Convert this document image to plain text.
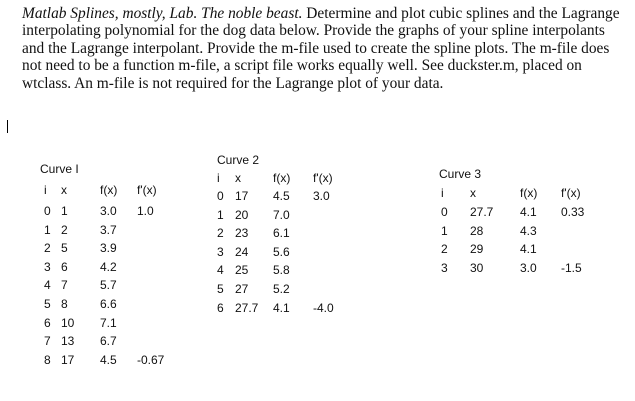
Matlab Splines, mostly, Lab. The noble beast. Determine and plot cubic splines and the Lagrange interpolating polynomial for the dog data below. Provide the graphs of your spline interpolants and the Lagrange interpolant. Provide the m-file used to create the spline plots. The m-file does not need to be a function m-file, a script file works equally well. See duckster.m, placed on wtclass. An m-file is not required for the Lagrange plot of your data.

Curve I
i x	f(x) f'(x)
0 1	3.0 1.0
1 2	3.7
2 5	3.9
3 6	4.2
4 7	5.7
5 8	6.6
6 10 7.1
7 13 6.7
8 17 4.5 -0.67
Curve 2
i x	f(x) f'(x)
0 17 4.5 3.0
1 20 7.0
2 23 6.1
3 24 5.6
4 25 5.8
5 27 5.2
6 27.7 4.1 -4.0
Curve 3
i x	f(x) f'(x)
0 27.7 4.1 0.33
1 28	4.3
2 29	4.1
3 30	3.0 -1.5
